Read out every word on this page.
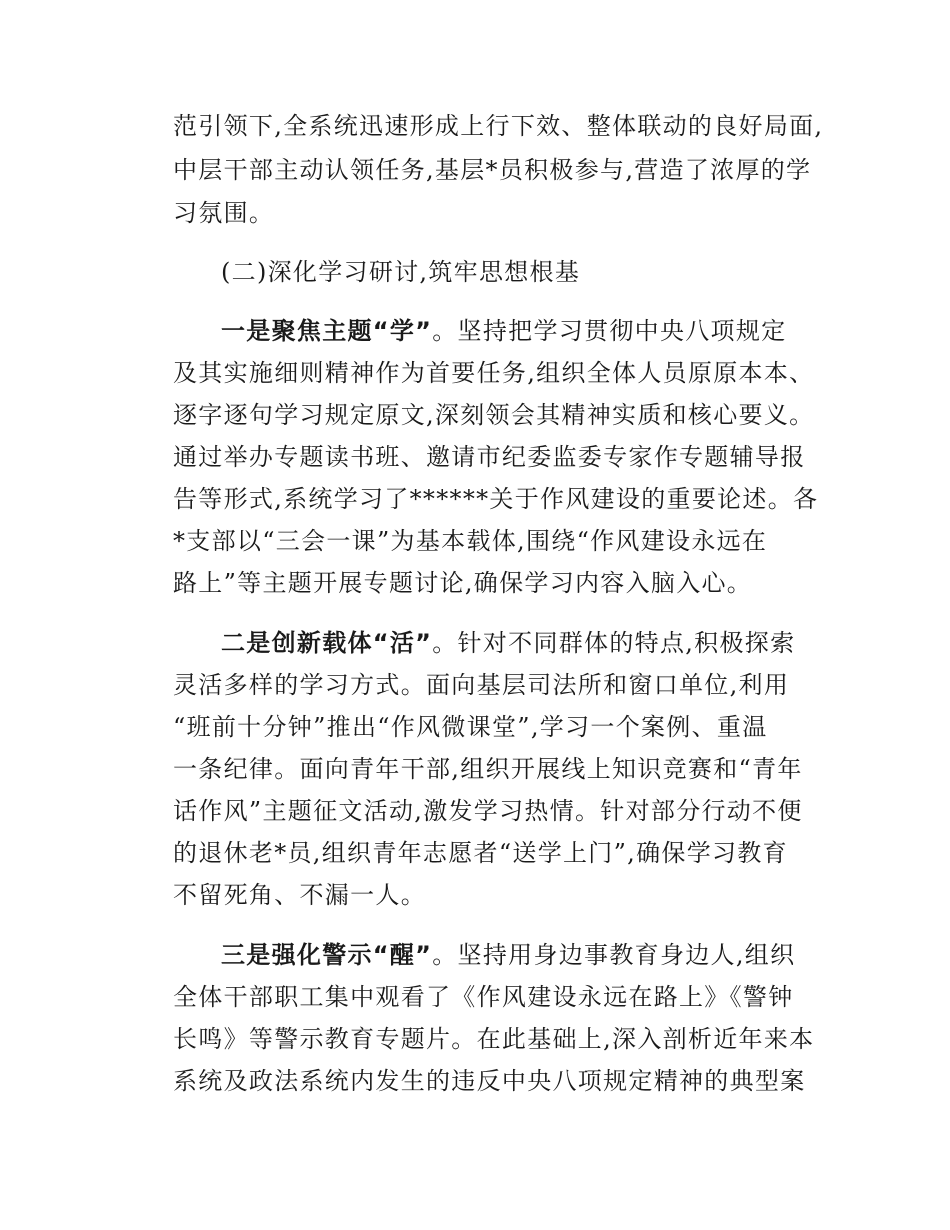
范引领下,全系统迅速形成上行下效、整体联动的良好局面,
中层干部主动认领任务,基层*员积极参与,营造了浓厚的学
习氛围。
(二)深化学习研讨,筑牢思想根基
一是聚焦主题“学”。坚持把学习贯彻中央八项规定
及其实施细则精神作为首要任务,组织全体人员原原本本、
逐字逐句学习规定原文,深刻领会其精神实质和核心要义。
通过举办专题读书班、邀请市纪委监委专家作专题辅导报
告等形式,系统学习了******关于作风建设的重要论述。各
*支部以“三会一课”为基本载体,围绕“作风建设永远在
路上”等主题开展专题讨论,确保学习内容入脑入心。
二是创新载体“活”。针对不同群体的特点,积极探索
灵活多样的学习方式。面向基层司法所和窗口单位,利用
“班前十分钟”推出“作风微课堂”,学习一个案例、重温
一条纪律。面向青年干部,组织开展线上知识竞赛和“青年
话作风”主题征文活动,激发学习热情。针对部分行动不便
的退休老*员,组织青年志愿者“送学上门”,确保学习教育
不留死角、不漏一人。
三是强化警示“醒”。坚持用身边事教育身边人,组织
全体干部职工集中观看了《作风建设永远在路上》《警钟
长鸣》等警示教育专题片。在此基础上,深入剖析近年来本
系统及政法系统内发生的违反中央八项规定精神的典型案
